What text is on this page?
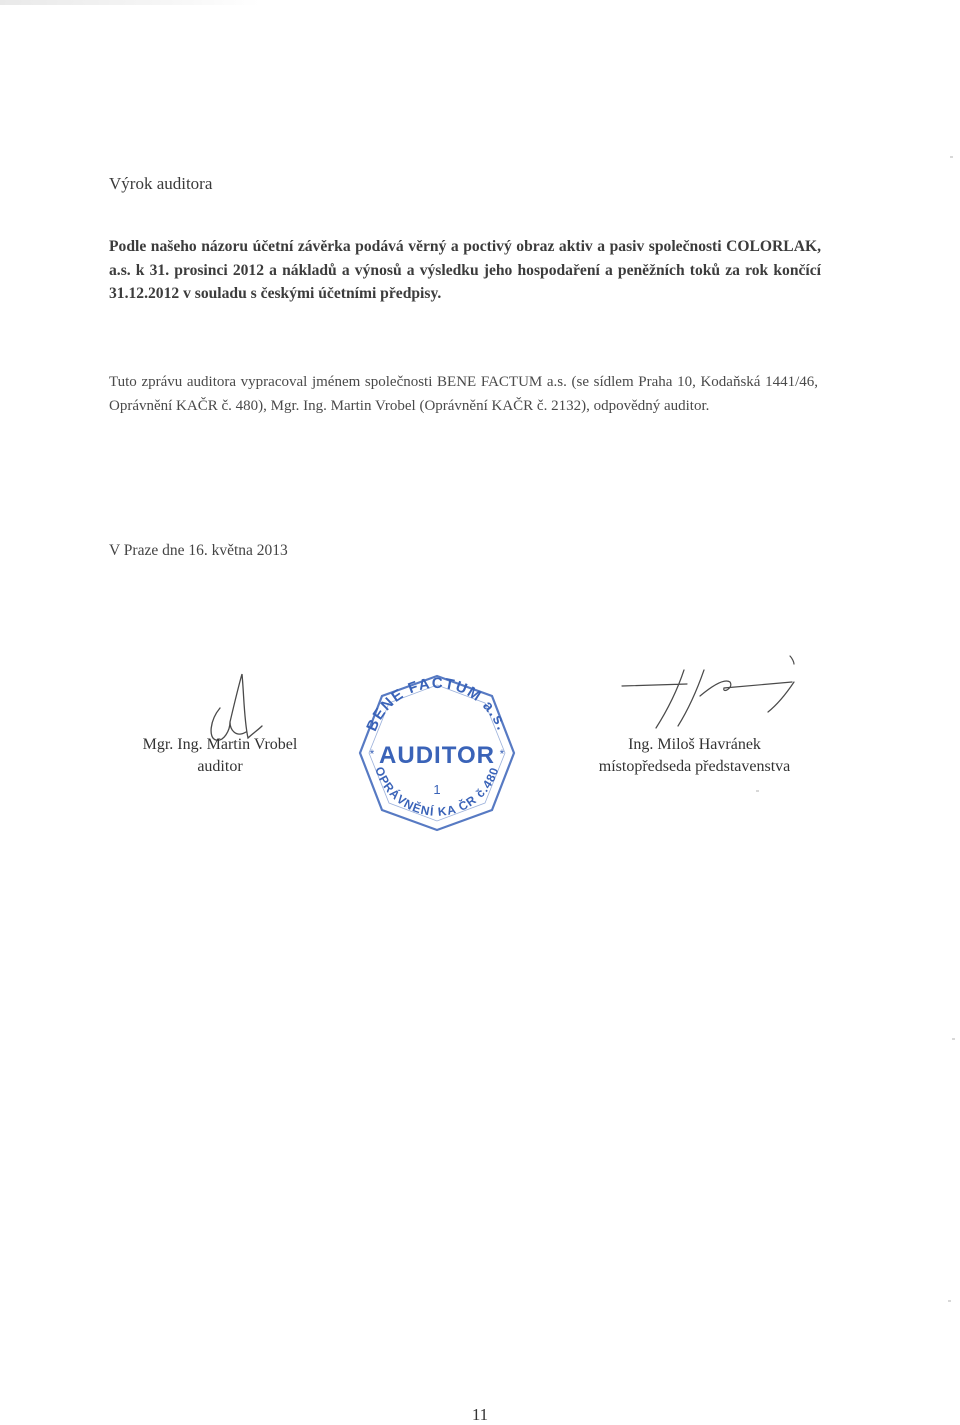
Výrok auditora

Podle našeho názoru účetní závěrka podává věrný a poctivý obraz aktiv a pasiv společnosti COLORLAK, a.s. k 31. prosinci 2012 a nákladů a výnosů a výsledku jeho hospodaření a peněžních toků za rok končící 31.12.2012 v souladu s českými účetními předpisy.

Tuto zprávu auditora vypracoval jménem společnosti BENE FACTUM a.s. (se sídlem Praha 10, Kodaňská 1441/46, Oprávnění KAČR č. 480), Mgr. Ing. Martin Vrobel (Oprávnění KAČR č. 2132), odpovědný auditor.

V Praze dne 16. května 2013

Mgr. Ing. Martin Vrobel
auditor
BENE FACTUM a.s.
AUDITOR
*	*
1
OPRÁVNĚNÍ KA ČR č.480
Ing. Miloš Havránek
místopředseda představenstva
11
